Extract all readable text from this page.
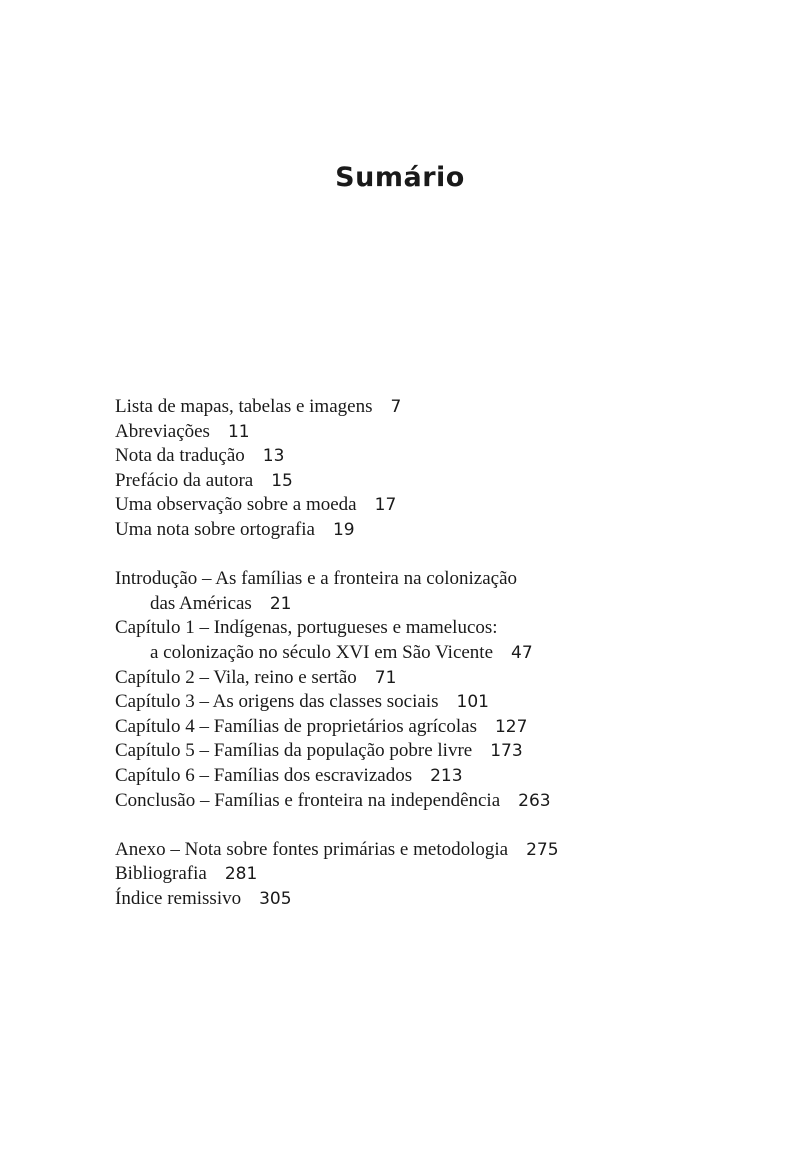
Sumário
Lista de mapas, tabelas e imagens 7
Abreviações 11
Nota da tradução 13
Prefácio da autora 15
Uma observação sobre a moeda 17
Uma nota sobre ortografia 19
Introdução – As famílias e a fronteira na colonização
das Américas 21
Capítulo 1 – Indígenas, portugueses e mamelucos:
a colonização no século XVI em São Vicente 47
Capítulo 2 – Vila, reino e sertão 71
Capítulo 3 – As origens das classes sociais 101
Capítulo 4 – Famílias de proprietários agrícolas 127
Capítulo 5 – Famílias da população pobre livre 173
Capítulo 6 – Famílias dos escravizados 213
Conclusão – Famílias e fronteira na independência 263
Anexo – Nota sobre fontes primárias e metodologia 275
Bibliografia 281
Índice remissivo 305
